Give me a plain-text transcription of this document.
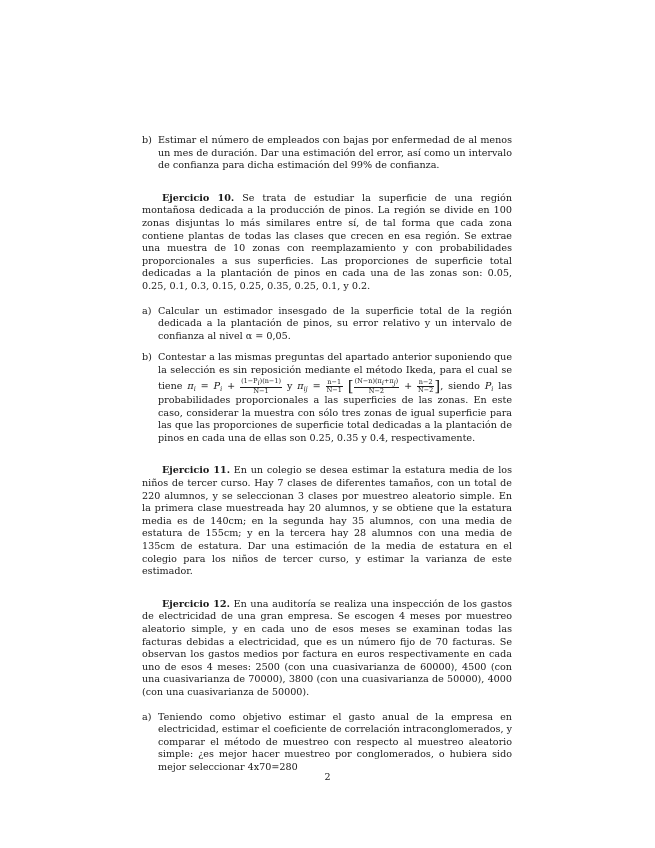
b) Estimar el número de empleados con bajas por enfermedad de al menos un mes de duración. Dar una estimación del error, así como un intervalo de confianza para dicha estimación del 99% de confianza.

Ejercicio 10. Se trata de estudiar la superficie de una región montañosa dedicada a la producción de pinos. La región se divide en 100 zonas disjuntas lo más similares entre sí, de tal forma que cada zona contiene plantas de todas las clases que crecen en esa región. Se extrae una muestra de 10 zonas con reemplazamiento y con probabilidades proporcionales a sus superficies. Las proporciones de superficie total dedicadas a la plantación de pinos en cada una de las zonas son: 0.05, 0.25, 0.1, 0.3, 0.15, 0.25, 0.35, 0.25, 0.1, y 0.2.

a) Calcular un estimador insesgado de la superficie total de la región dedicada a la plantación de pinos, su error relativo y un intervalo de confianza al nivel α = 0,05.
b) Contestar a las mismas preguntas del apartado anterior suponiendo que la selección es sin reposición mediante el método Ikeda, para el cual se tiene $\pi_i = P_i + \frac{(1-Pi)(n-1)}{N-1}$ y $\pi_{ij} = \frac{n-1}{N-1}$ [ $\frac{(N-n)(\pi i+\pi j)}{N-2} + \frac{n-2}{N-2}$ ], siendo $P_i$ las probabilidades proporcionales a las superficies de las zonas. En este caso, considerar la muestra con sólo tres zonas de igual superficie para las que las proporciones de superficie total dedicadas a la plantación de pinos en cada una de ellas son 0.25, 0.35 y 0.4, respectivamente.

Ejercicio 11. En un colegio se desea estimar la estatura media de los niños de tercer curso. Hay 7 clases de diferentes tamaños, con un total de 220 alumnos, y se seleccionan 3 clases por muestreo aleatorio simple. En la primera clase muestreada hay 20 alumnos, y se obtiene que la estatura media es de 140cm; en la segunda hay 35 alumnos, con una media de estatura de 155cm; y en la tercera hay 28 alumnos con una media de 135cm de estatura. Dar una estimación de la media de estatura en el colegio para los niños de tercer curso, y estimar la varianza de este estimador.

Ejercicio 12. En una auditoría se realiza una inspección de los gastos de electricidad de una gran empresa. Se escogen 4 meses por muestreo aleatorio simple, y en cada uno de esos meses se examinan todas las facturas debidas a electricidad, que es un número fijo de 70 facturas. Se observan los gastos medios por factura en euros respectivamente en cada uno de esos 4 meses: 2500 (con una cuasivarianza de 60000), 4500 (con una cuasivarianza de 70000), 3800 (con una cuasivarianza de 50000), 4000 (con una cuasivarianza de 50000).

a) Teniendo como objetivo estimar el gasto anual de la empresa en electricidad, estimar el coeficiente de correlación intraconglomerados, y comparar el método de muestreo con respecto al muestreo aleatorio simple: ¿es mejor hacer muestreo por conglomerados, o hubiera sido mejor seleccionar 4x70=280
2
